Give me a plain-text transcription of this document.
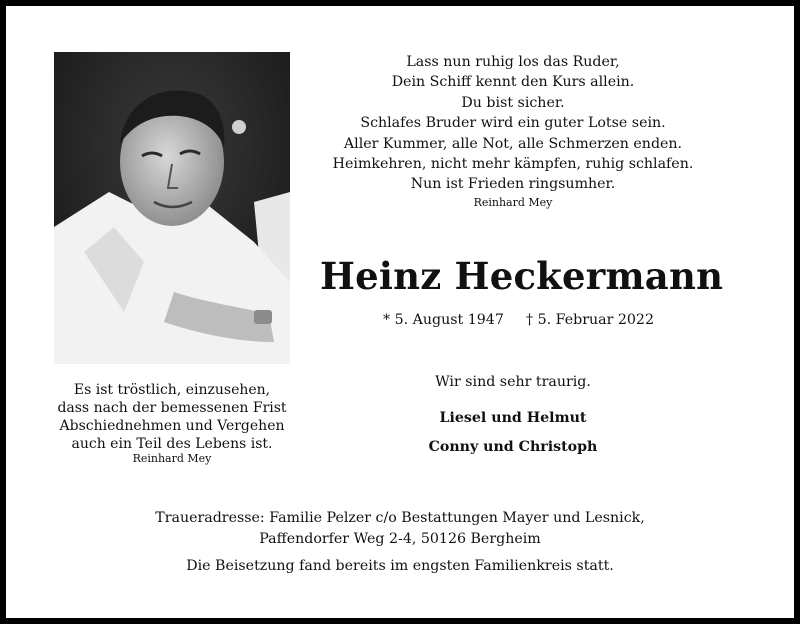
Lass nun ruhig los das Ruder,
Dein Schiff kennt den Kurs allein.
Du bist sicher.
Schlafes Bruder wird ein guter Lotse sein.
Aller Kummer, alle Not, alle Schmerzen enden.
Heimkehren, nicht mehr kämpfen, ruhig schlafen.
Nun ist Frieden ringsumher.
Reinhard Mey
Heinz Heckermann
* 5. August 1947 † 5. Februar 2022
Es ist tröstlich, einzusehen,
dass nach der bemessenen Frist
Abschiednehmen und Vergehen
auch ein Teil des Lebens ist.
Reinhard Mey
Wir sind sehr traurig.
Liesel und Helmut
Conny und Christoph
Traueradresse: Familie Pelzer c/o Bestattungen Mayer und Lesnick,
Paffendorfer Weg 2-4, 50126 Bergheim
Die Beisetzung fand bereits im engsten Familienkreis statt.
